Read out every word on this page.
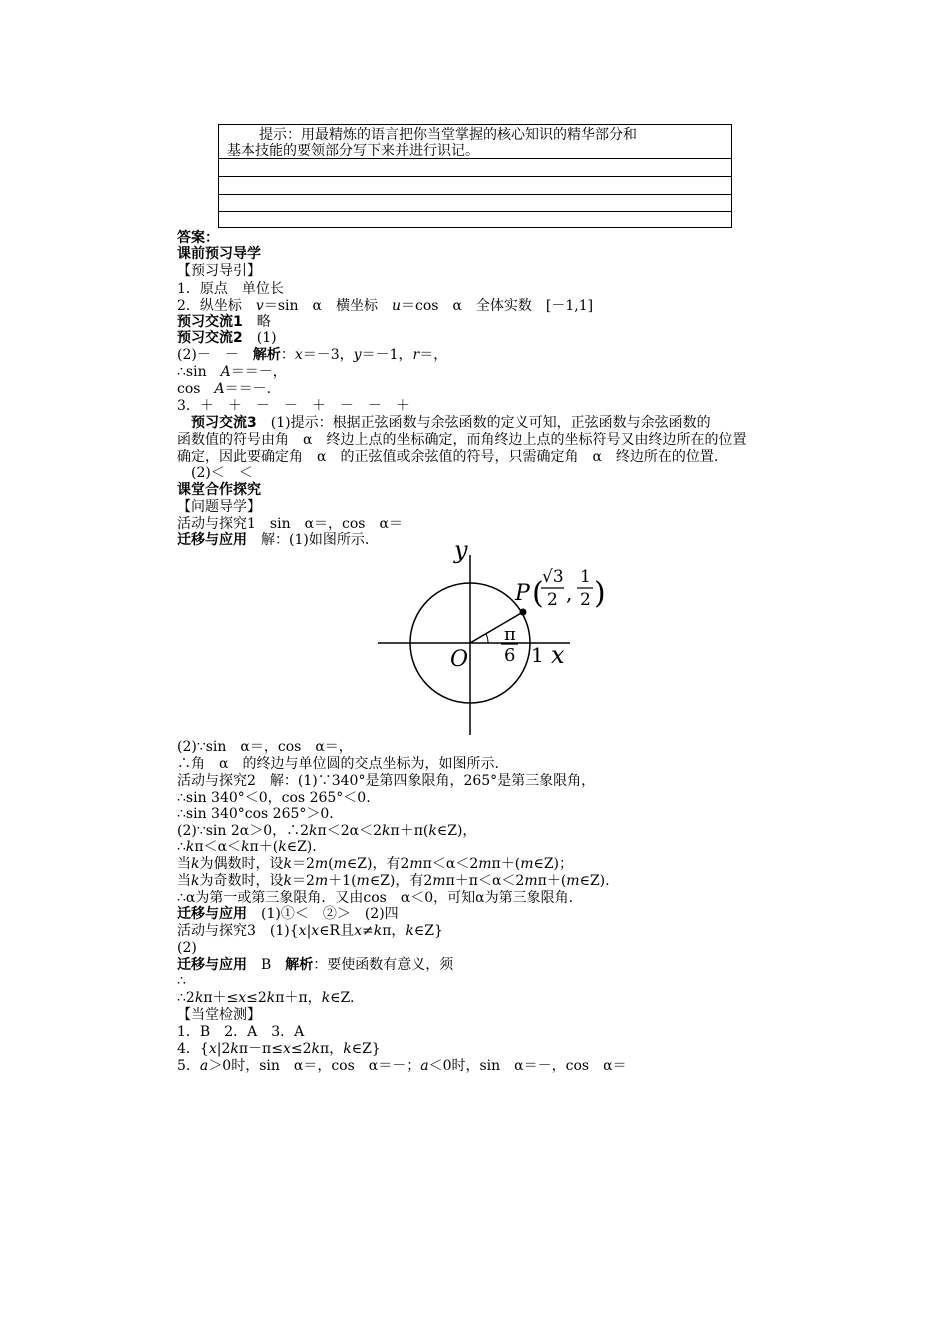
提示：用最精炼的语言把你当堂掌握的核心知识的精华部分和
基本技能的要领部分写下来并进行识记。
答案：
课前预习导学
【预习导引】
1．原点　单位长
2．纵坐标　v＝sin　α　横坐标　u＝cos　α　全体实数　[－1,1]
预习交流1　略
预习交流2　(1)
(2)－　－　解析：x＝－3，y＝－1，r＝，
∴sin　A＝＝－，
cos　A＝＝－.
3．＋　＋　－　－　＋　－　－　＋
　预习交流3　(1)提示：根据正弦函数与余弦函数的定义可知，正弦函数与余弦函数的
函数值的符号由角　α　终边上点的坐标确定，而角终边上点的坐标符号又由终边所在的位置
确定，因此要确定角　α　的正弦值或余弦值的符号，只需确定角　α　终边所在的位置.
　(2)＜　＜
课堂合作探究
【问题导学】
活动与探究1　sin　α＝，cos　α＝
迁移与应用　解：(1)如图所示.	y
x
O	1
π
6
P (
√3
2 ,
1
2 )
(2)∵sin　α＝，cos　α＝，
∴角　α　的终边与单位圆的交点坐标为，如图所示.
活动与探究2　解：(1)∵340°是第四象限角，265°是第三象限角，
∴sin 340°＜0，cos 265°＜0.
∴sin 340°cos 265°＞0.
(2)∵sin 2α＞0，∴2kπ＜2α＜2kπ＋π(k∈Z)，
∴kπ＜α＜kπ＋(k∈Z).
当k为偶数时，设k＝2m(m∈Z)，有2mπ＜α＜2mπ＋(m∈Z)；
当k为奇数时，设k＝2m＋1(m∈Z)，有2mπ＋π＜α＜2mπ＋(m∈Z).
∴α为第一或第三象限角．又由cos　α＜0，可知α为第三象限角.
迁移与应用　(1)①＜　②＞　(2)四
活动与探究3　(1){x|x∈R且x≠kπ，k∈Z}
(2)
迁移与应用　B　解析：要使函数有意义，须
∴
∴2kπ＋≤x≤2kπ＋π，k∈Z.
【当堂检测】
1．B　2．A　3．A
4．{x|2kπ－π≤x≤2kπ，k∈Z}
5．a＞0时，sin　α＝，cos　α＝－；a＜0时，sin　α＝－，cos　α＝
